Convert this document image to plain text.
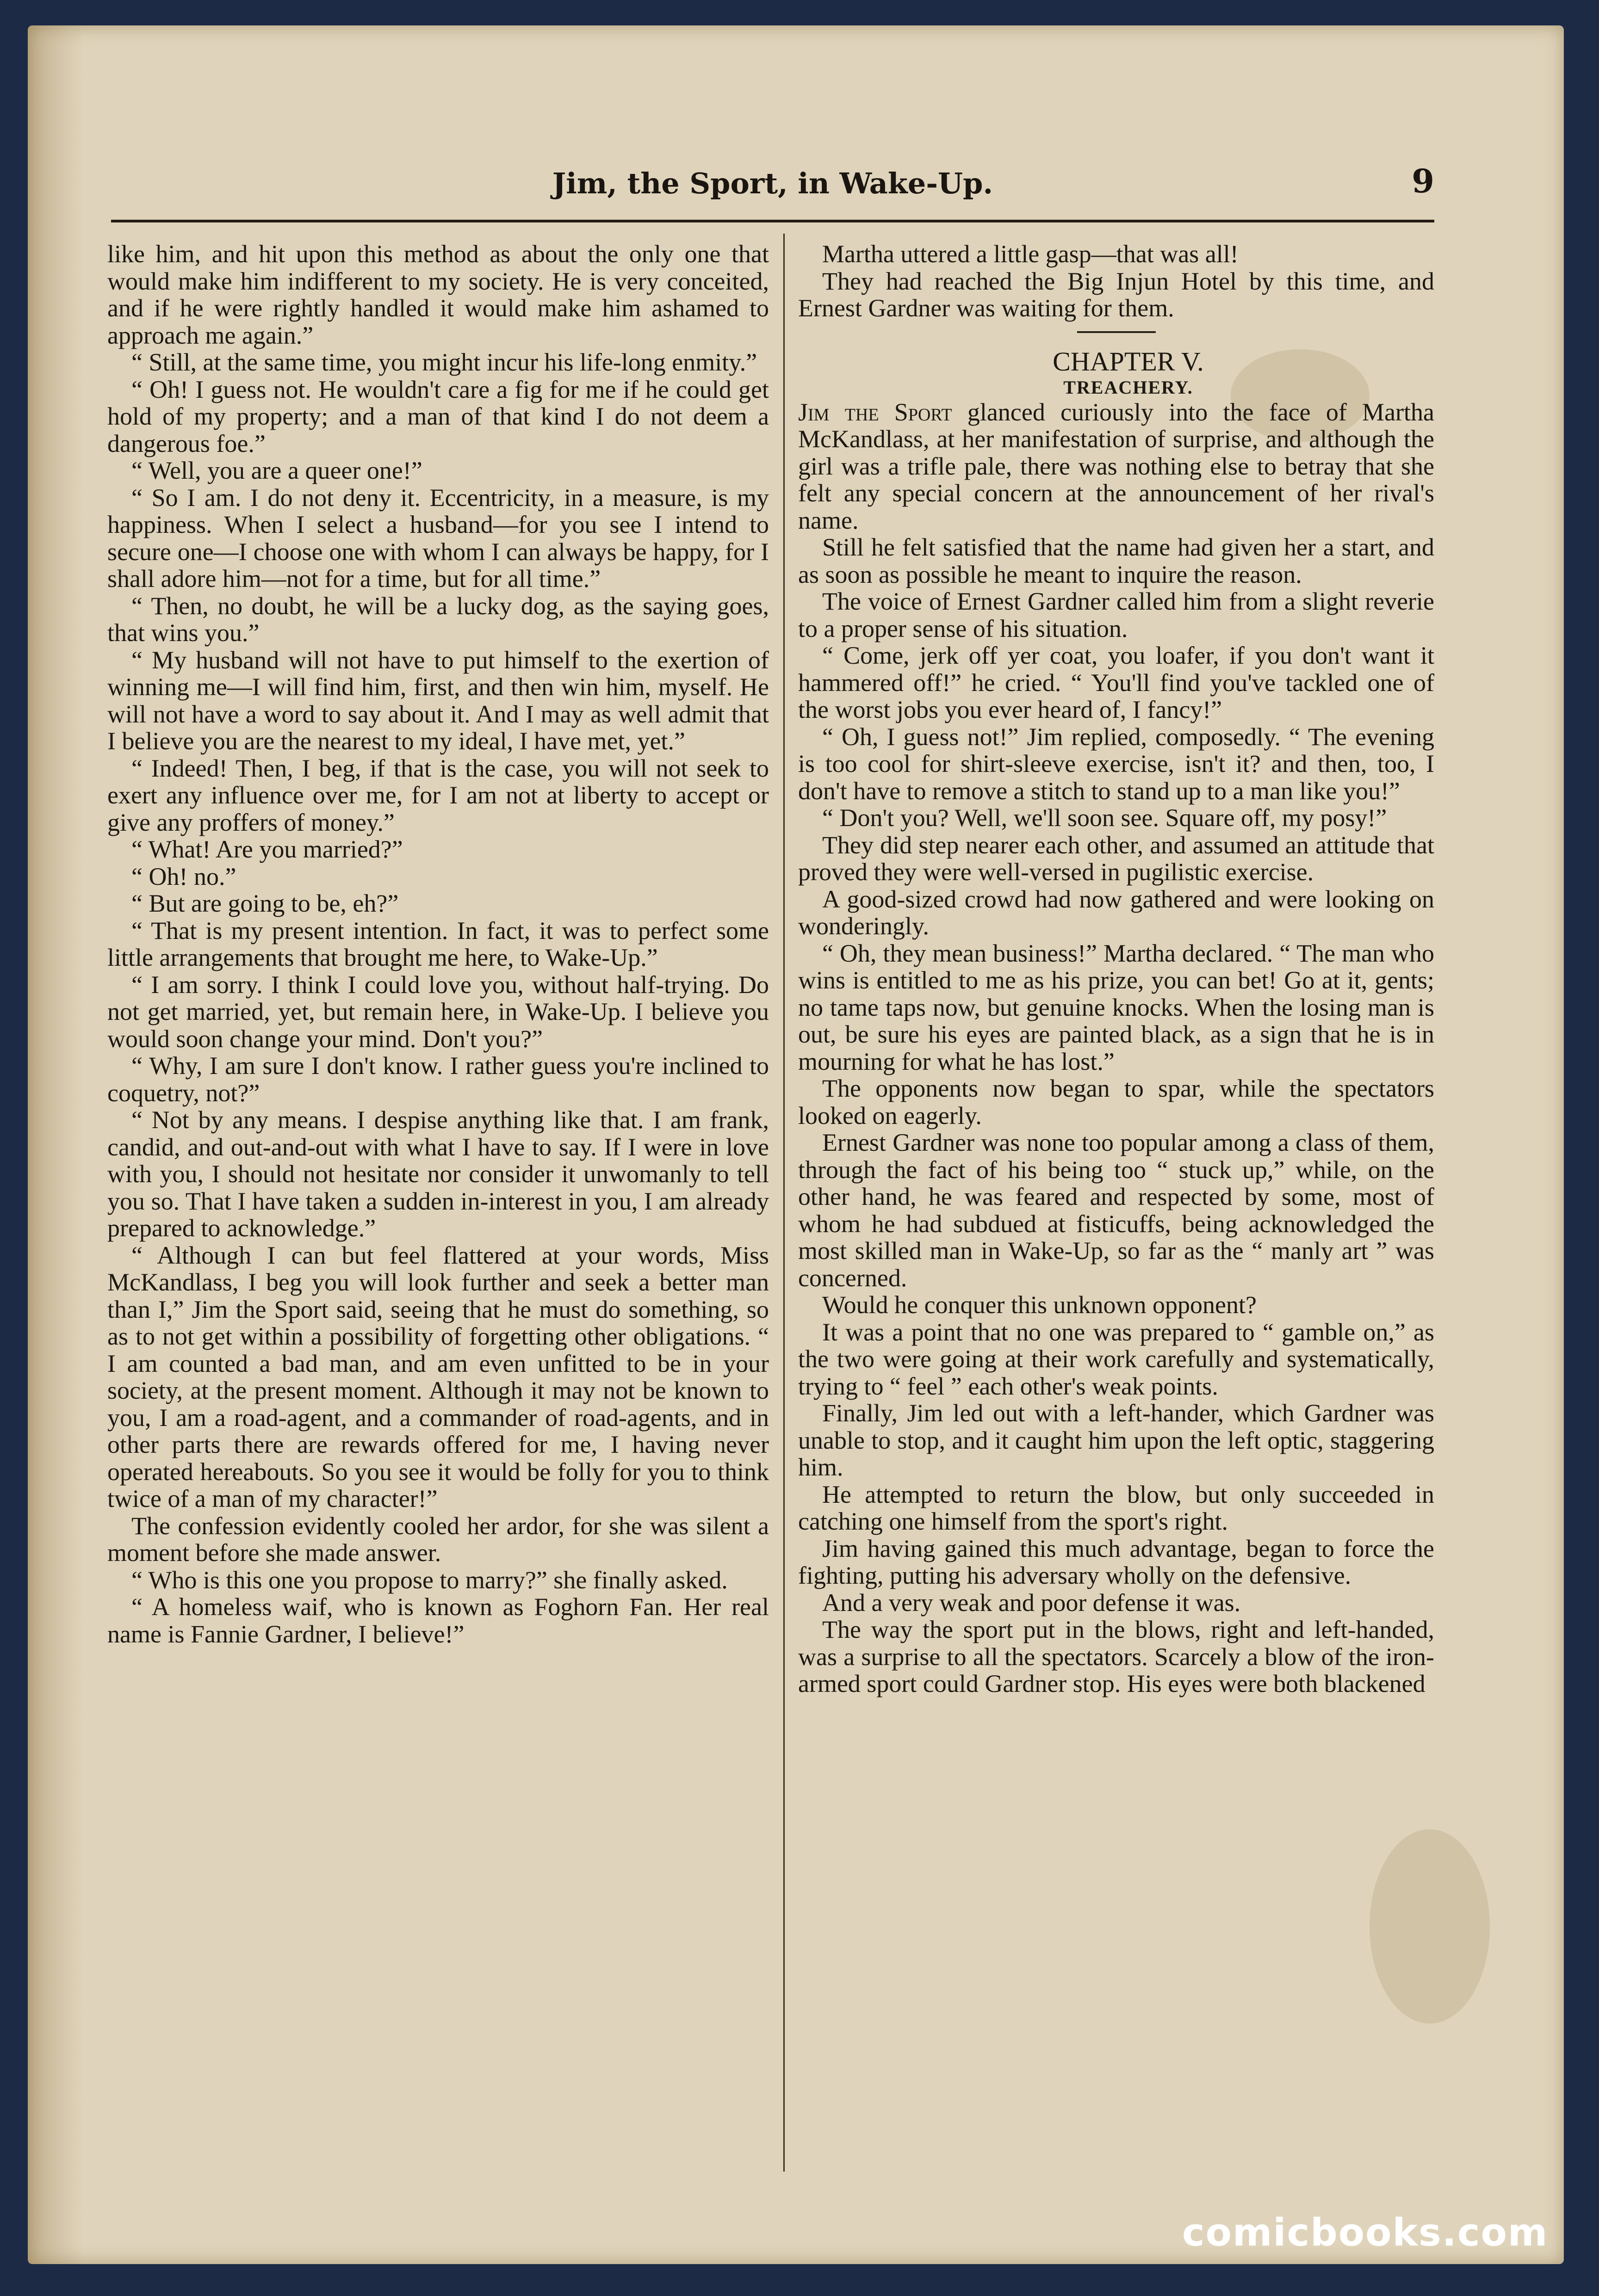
Jim, the Sport, in Wake-Up.	9

like him, and hit upon this method as about the only one that would make him indifferent to my society. He is very conceited, and if he were rightly handled it would make him ashamed to approach me again.”

“ Still, at the same time, you might incur his life-long enmity.”

“ Oh! I guess not. He wouldn't care a fig for me if he could get hold of my property; and a man of that kind I do not deem a dangerous foe.”

“ Well, you are a queer one!”

“ So I am. I do not deny it. Eccentricity, in a measure, is my happiness. When I select a husband—for you see I intend to secure one—I choose one with whom I can always be happy, for I shall adore him—not for a time, but for all time.”

“ Then, no doubt, he will be a lucky dog, as the saying goes, that wins you.”

“ My husband will not have to put himself to the exertion of winning me—I will find him, first, and then win him, myself. He will not have a word to say about it. And I may as well admit that I believe you are the nearest to my ideal, I have met, yet.”

“ Indeed! Then, I beg, if that is the case, you will not seek to exert any influence over me, for I am not at liberty to accept or give any proffers of money.”

“ What! Are you married?”

“ Oh! no.”

“ But are going to be, eh?”

“ That is my present intention. In fact, it was to perfect some little arrangements that brought me here, to Wake-Up.”

“ I am sorry. I think I could love you, without half-trying. Do not get married, yet, but remain here, in Wake-Up. I believe you would soon change your mind. Don't you?”

“ Why, I am sure I don't know. I rather guess you're inclined to coquetry, not?”

“ Not by any means. I despise anything like that. I am frank, candid, and out-and-out with what I have to say. If I were in love with you, I should not hesitate nor consider it unwomanly to tell you so. That I have taken a sudden in-interest in you, I am already prepared to acknowledge.”

“ Although I can but feel flattered at your words, Miss McKandlass, I beg you will look further and seek a better man than I,” Jim the Sport said, seeing that he must do something, so as to not get within a possibility of forgetting other obligations. “ I am counted a bad man, and am even unfitted to be in your society, at the present moment. Although it may not be known to you, I am a road-agent, and a commander of road-agents, and in other parts there are rewards offered for me, I having never operated hereabouts. So you see it would be folly for you to think twice of a man of my character!”

The confession evidently cooled her ardor, for she was silent a moment before she made answer.

“ Who is this one you propose to marry?” she finally asked.

“ A homeless waif, who is known as Foghorn Fan. Her real name is Fannie Gardner, I believe!”

Martha uttered a little gasp—that was all!

They had reached the Big Injun Hotel by this time, and Ernest Gardner was waiting for them.

CHAPTER V.

TREACHERY.

Jim the Sport glanced curiously into the face of Martha McKandlass, at her manifestation of surprise, and although the girl was a trifle pale, there was nothing else to betray that she felt any special concern at the announcement of her rival's name.

Still he felt satisfied that the name had given her a start, and as soon as possible he meant to inquire the reason.

The voice of Ernest Gardner called him from a slight reverie to a proper sense of his situation.

“ Come, jerk off yer coat, you loafer, if you don't want it hammered off!” he cried. “ You'll find you've tackled one of the worst jobs you ever heard of, I fancy!”

“ Oh, I guess not!” Jim replied, composedly. “ The evening is too cool for shirt-sleeve exercise, isn't it? and then, too, I don't have to remove a stitch to stand up to a man like you!”

“ Don't you? Well, we'll soon see. Square off, my posy!”

They did step nearer each other, and assumed an attitude that proved they were well-versed in pugilistic exercise.

A good-sized crowd had now gathered and were looking on wonderingly.

“ Oh, they mean business!” Martha declared. “ The man who wins is entitled to me as his prize, you can bet! Go at it, gents; no tame taps now, but genuine knocks. When the losing man is out, be sure his eyes are painted black, as a sign that he is in mourning for what he has lost.”

The opponents now began to spar, while the spectators looked on eagerly.

Ernest Gardner was none too popular among a class of them, through the fact of his being too “ stuck up,” while, on the other hand, he was feared and respected by some, most of whom he had subdued at fisticuffs, being acknowledged the most skilled man in Wake-Up, so far as the “ manly art ” was concerned.

Would he conquer this unknown opponent?

It was a point that no one was prepared to “ gamble on,” as the two were going at their work carefully and systematically, trying to “ feel ” each other's weak points.

Finally, Jim led out with a left-hander, which Gardner was unable to stop, and it caught him upon the left optic, staggering him.

He attempted to return the blow, but only succeeded in catching one himself from the sport's right.

Jim having gained this much advantage, began to force the fighting, putting his adversary wholly on the defensive.

And a very weak and poor defense it was.

The way the sport put in the blows, right and left-handed, was a surprise to all the spectators. Scarcely a blow of the iron-armed sport could Gardner stop. His eyes were both blackened

comicbooks.com
